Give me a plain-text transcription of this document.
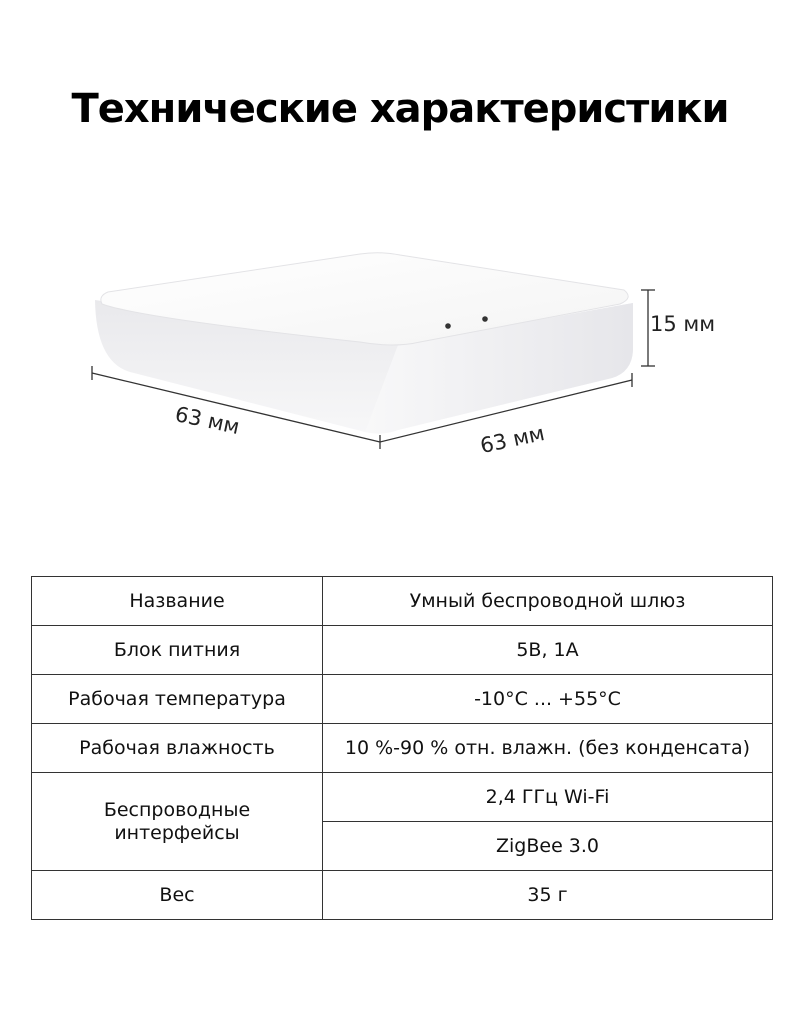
Технические характеристики
15 мм
63 мм
63 мм
Название	Умный беспроводной шлюз
Блок питния	5В, 1А
Рабочая температура	-10°C ... +55°C
Рабочая влажность	10 %-90 % отн. влажн. (без конденсата)
Беспроводные
интерфейсы	2,4 ГГц Wi-Fi
	ZigBee 3.0
Вес	35 г
